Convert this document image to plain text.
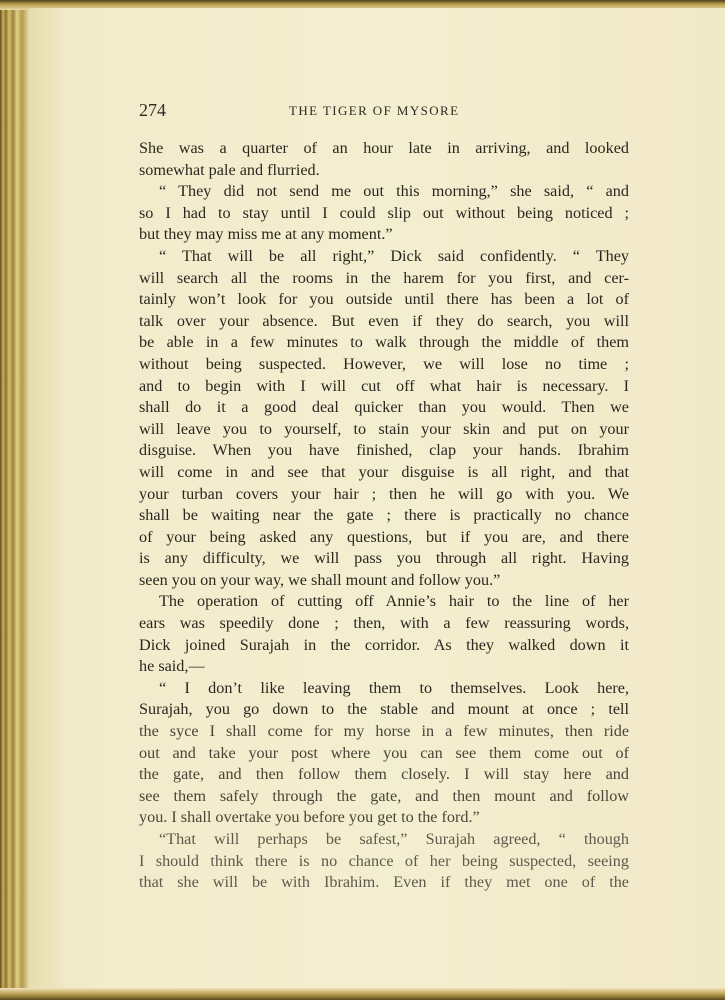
274	THE TIGER OF MYSORE
She was a quarter of an hour late in arriving, and looked
somewhat pale and flurried.
“ They did not send me out this morning,” she said, “ and
so I had to stay until I could slip out without being noticed ;
but they may miss me at any moment.”
“ That will be all right,” Dick said confidently. “ They
will search all the rooms in the harem for you first, and cer-
tainly won’t look for you outside until there has been a lot of
talk over your absence. But even if they do search, you will
be able in a few minutes to walk through the middle of them
without being suspected. However, we will lose no time ;
and to begin with I will cut off what hair is necessary. I
shall do it a good deal quicker than you would. Then we
will leave you to yourself, to stain your skin and put on your
disguise. When you have finished, clap your hands. Ibrahim
will come in and see that your disguise is all right, and that
your turban covers your hair ; then he will go with you. We
shall be waiting near the gate ; there is practically no chance
of your being asked any questions, but if you are, and there
is any difficulty, we will pass you through all right. Having
seen you on your way, we shall mount and follow you.”
The operation of cutting off Annie’s hair to the line of her
ears was speedily done ; then, with a few reassuring words,
Dick joined Surajah in the corridor. As they walked down it
he said,—
“ I don’t like leaving them to themselves. Look here,
Surajah, you go down to the stable and mount at once ; tell
the syce I shall come for my horse in a few minutes, then ride
out and take your post where you can see them come out of
the gate, and then follow them closely. I will stay here and
see them safely through the gate, and then mount and follow
you. I shall overtake you before you get to the ford.”
“That will perhaps be safest,” Surajah agreed, “ though
I should think there is no chance of her being suspected, seeing
that she will be with Ibrahim. Even if they met one of the
